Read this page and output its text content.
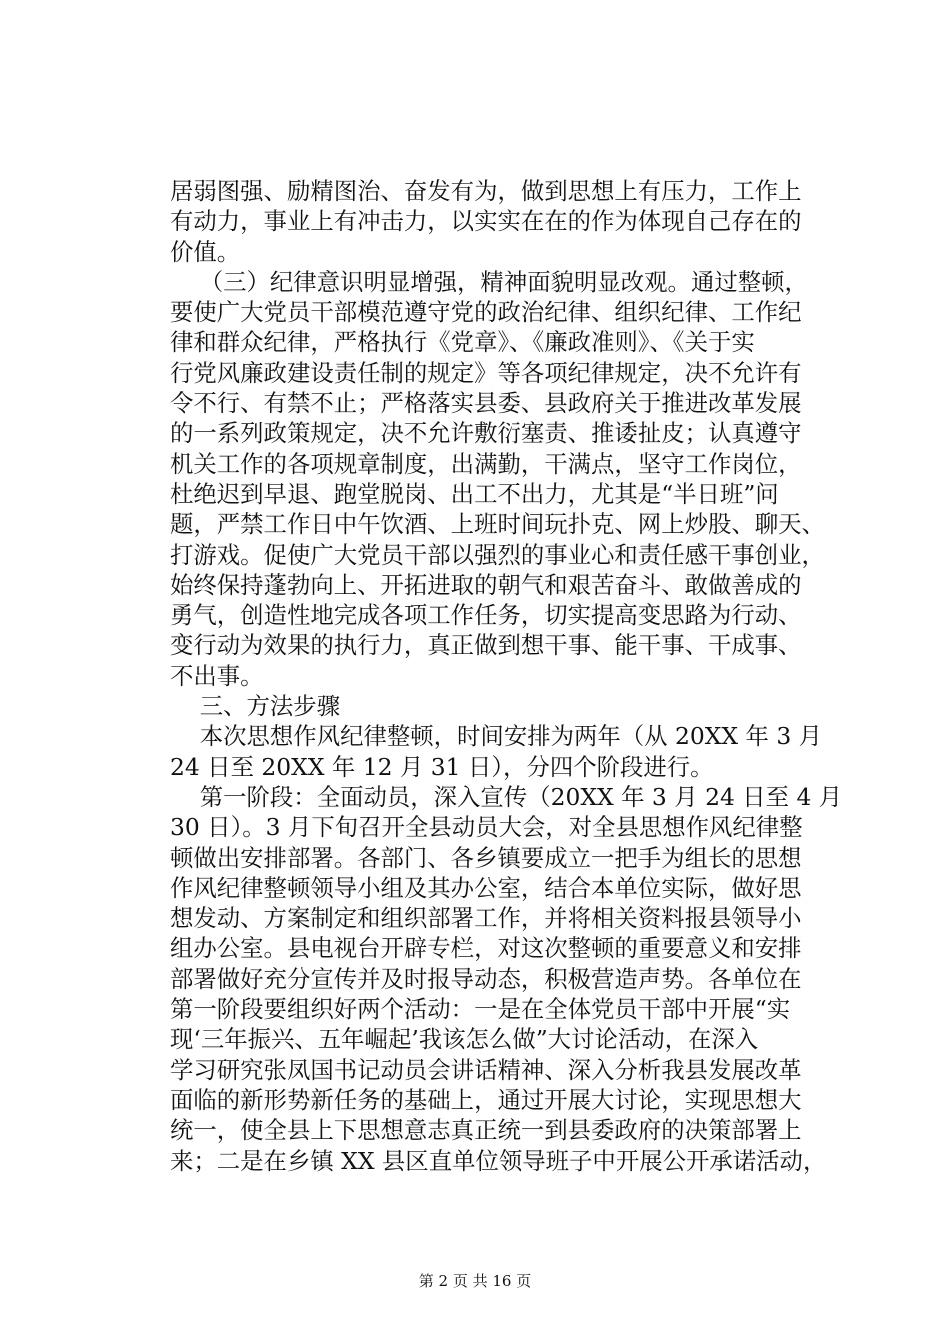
居弱图强、励精图治、奋发有为，做到思想上有压力，工作上
有动力，事业上有冲击力，以实实在在的作为体现自己存在的
价值。
（三）纪律意识明显增强，精神面貌明显改观。通过整顿，
要使广大党员干部模范遵守党的政治纪律、组织纪律、工作纪
律和群众纪律，严格执行《党章》、《廉政准则》、《关于实
行党风廉政建设责任制的规定》等各项纪律规定，决不允许有
令不行、有禁不止；严格落实县委、县政府关于推进改革发展
的一系列政策规定，决不允许敷衍塞责、推诿扯皮；认真遵守
机关工作的各项规章制度，出满勤，干满点，坚守工作岗位，
杜绝迟到早退、跑堂脱岗、出工不出力，尤其是“半日班”问
题，严禁工作日中午饮酒、上班时间玩扑克、网上炒股、聊天、
打游戏。促使广大党员干部以强烈的事业心和责任感干事创业，
始终保持蓬勃向上、开拓进取的朝气和艰苦奋斗、敢做善成的
勇气，创造性地完成各项工作任务，切实提高变思路为行动、
变行动为效果的执行力，真正做到想干事、能干事、干成事、
不出事。
三、方法步骤
本次思想作风纪律整顿，时间安排为两年（从 20XX 年 3 月
24 日至 20XX 年 12 月 31 日），分四个阶段进行。
第一阶段：全面动员，深入宣传（20XX 年 3 月 24 日至 4 月
30 日）。3 月下旬召开全县动员大会，对全县思想作风纪律整
顿做出安排部署。各部门、各乡镇要成立一把手为组长的思想
作风纪律整顿领导小组及其办公室，结合本单位实际，做好思
想发动、方案制定和组织部署工作，并将相关资料报县领导小
组办公室。县电视台开辟专栏，对这次整顿的重要意义和安排
部署做好充分宣传并及时报导动态，积极营造声势。各单位在
第一阶段要组织好两个活动：一是在全体党员干部中开展“实
现‘三年振兴、五年崛起’我该怎么做”大讨论活动，在深入
学习研究张凤国书记动员会讲话精神、深入分析我县发展改革
面临的新形势新任务的基础上，通过开展大讨论，实现思想大
统一，使全县上下思想意志真正统一到县委政府的决策部署上
来；二是在乡镇 XX 县区直单位领导班子中开展公开承诺活动，
第 2 页 共 16 页
